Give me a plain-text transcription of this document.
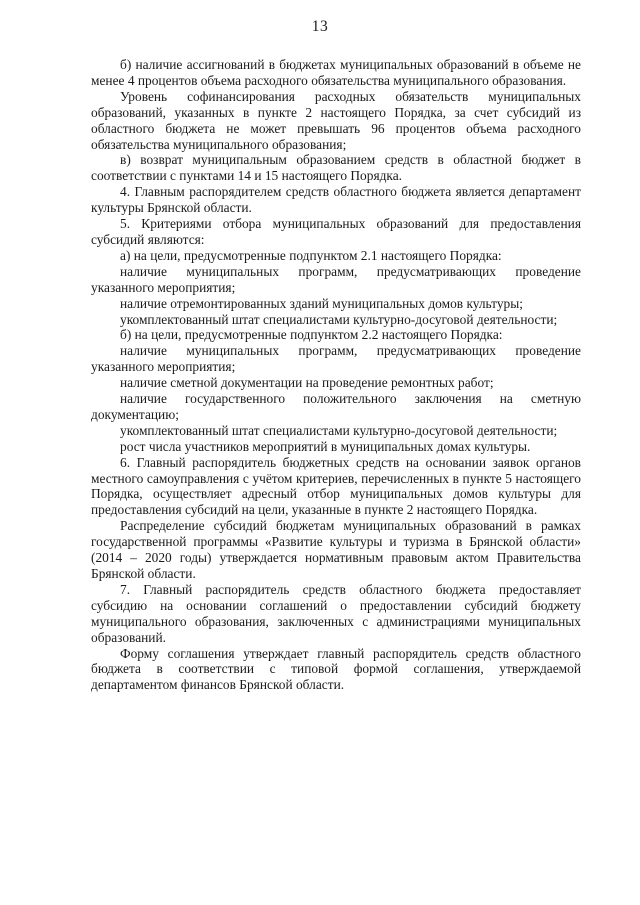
13

б) наличие ассигнований в бюджетах муниципальных образований в объеме не менее 4 процентов объема расходного обязательства муниципального образования.

Уровень софинансирования расходных обязательств муниципальных образований, указанных в пункте 2 настоящего Порядка, за счет субсидий из областного бюджета не может превышать 96 процентов объема расходного обязательства муниципального образования;

в) возврат муниципальным образованием средств в областной бюджет в соответствии с пунктами 14 и 15 настоящего Порядка.

4. Главным распорядителем средств областного бюджета является департамент культуры Брянской области.

5. Критериями отбора муниципальных образований для предоставления субсидий являются:

а) на цели, предусмотренные подпунктом 2.1 настоящего Порядка:

наличие муниципальных программ, предусматривающих проведение указанного мероприятия;

наличие отремонтированных зданий муниципальных домов культуры;

укомплектованный штат специалистами культурно-досуговой деятельности;

б) на цели, предусмотренные подпунктом 2.2 настоящего Порядка:

наличие муниципальных программ, предусматривающих проведение указанного мероприятия;

наличие сметной документации на проведение ремонтных работ;

наличие государственного положительного заключения на сметную документацию;

укомплектованный штат специалистами культурно-досуговой деятельности;

рост числа участников мероприятий в муниципальных домах культуры.

6. Главный распорядитель бюджетных средств на основании заявок органов местного самоуправления с учётом критериев, перечисленных в пункте 5 настоящего Порядка, осуществляет адресный отбор муниципальных домов культуры для предоставления субсидий на цели, указанные в пункте 2 настоящего Порядка.

Распределение субсидий бюджетам муниципальных образований в рамках государственной программы «Развитие культуры и туризма в Брянской области» (2014 – 2020 годы) утверждается нормативным правовым актом Правительства Брянской области.

7. Главный распорядитель средств областного бюджета предоставляет субсидию на основании соглашений о предоставлении субсидий бюджету муниципального образования, заключенных с администрациями муниципальных образований.

Форму соглашения утверждает главный распорядитель средств областного бюджета в соответствии с типовой формой соглашения, утверждаемой департаментом финансов Брянской области.
